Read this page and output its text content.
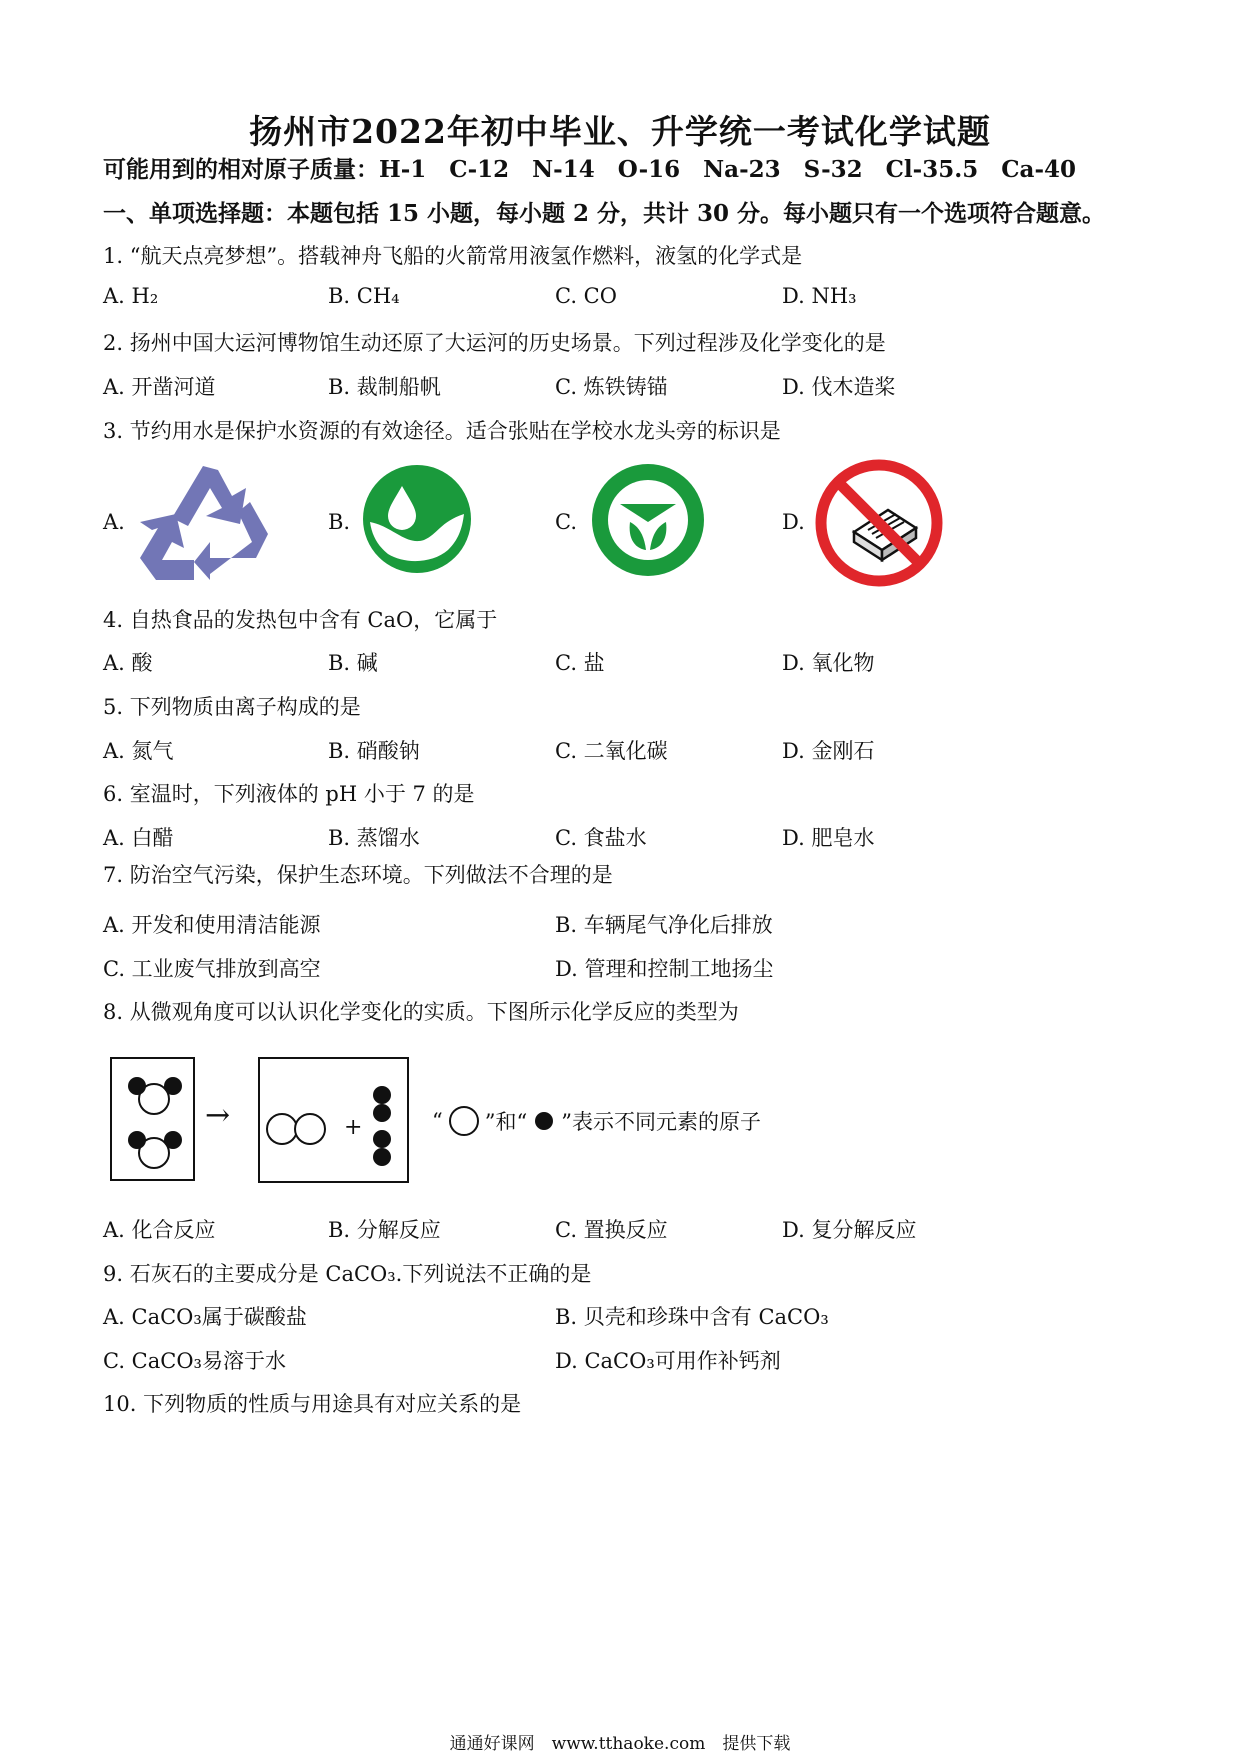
扬州市2022年初中毕业、升学统一考试化学试题
可能用到的相对原子质量：H-1　C-12　N-14　O-16　Na-23　S-32　Cl-35.5　Ca-40
一、单项选择题：本题包括 15 小题，每小题 2 分，共计 30 分。每小题只有一个选项符合题意。
1. “航天点亮梦想”。搭载神舟飞船的火箭常用液氢作燃料，液氢的化学式是
A. H₂	B. CH₄	C. CO	D. NH₃
2. 扬州中国大运河博物馆生动还原了大运河的历史场景。下列过程涉及化学变化的是
A. 开凿河道	B. 裁制船帆	C. 炼铁铸锚	D. 伐木造桨
3. 节约用水是保护水资源的有效途径。适合张贴在学校水龙头旁的标识是
A.	B.	C.	D.
4. 自热食品的发热包中含有 CaO，它属于
A. 酸	B. 碱	C. 盐	D. 氧化物
5. 下列物质由离子构成的是
A. 氮气	B. 硝酸钠	C. 二氧化碳	D. 金刚石
6. 室温时，下列液体的 pH 小于 7 的是
A. 白醋	B. 蒸馏水	C. 食盐水	D. 肥皂水
7. 防治空气污染，保护生态环境。下列做法不合理的是
A. 开发和使用清洁能源	B. 车辆尾气净化后排放
C. 工业废气排放到高空	D. 管理和控制工地扬尘
8. 从微观角度可以认识化学变化的实质。下图所示化学反应的类型为
→	+	“ ”和“ ”表示不同元素的原子
A. 化合反应	B. 分解反应	C. 置换反应	D. 复分解反应
9. 石灰石的主要成分是 CaCO₃.下列说法不正确的是
A. CaCO₃属于碳酸盐	B. 贝壳和珍珠中含有 CaCO₃
C. CaCO₃易溶于水	D. CaCO₃可用作补钙剂
10. 下列物质的性质与用途具有对应关系的是
通通好课网　www.tthaoke.com　提供下载
